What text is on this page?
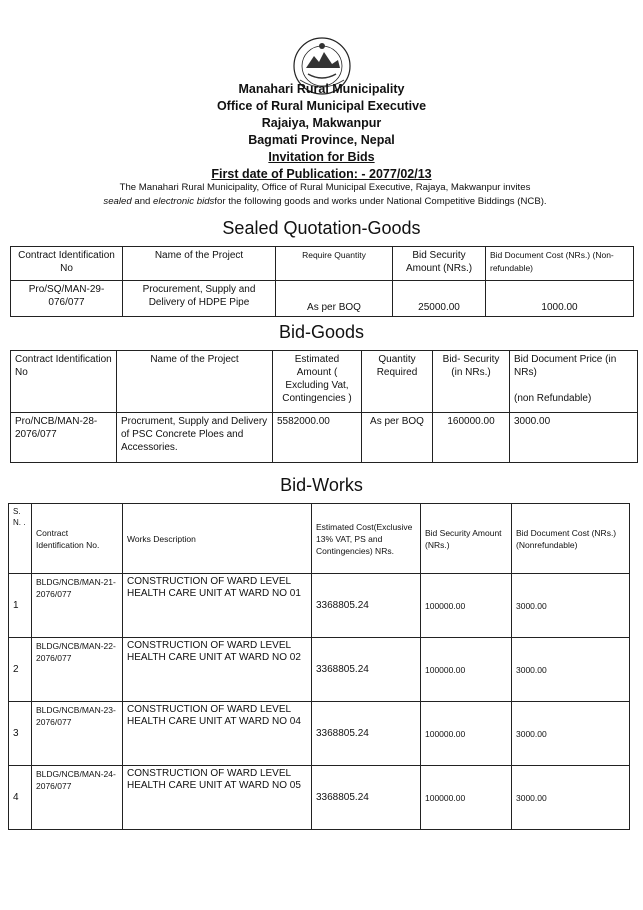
Manahari Rural Municipality
Office of Rural Municipal Executive
Rajaiya, Makwanpur
Bagmati Province, Nepal
Invitation for Bids
First date of Publication: - 2077/02/13
The Manahari Rural Municipality, Office of Rural Municipal Executive, Rajaya, Makwanpur invites
sealed and electronic bidsfor the following goods and works under National Competitive Biddings (NCB).
Sealed Quotation-Goods
Contract Identification No	Name of the Project	Require Quantity	Bid Security Amount (NRs.)	Bid Document Cost (NRs.) (Non-refundable)
Pro/SQ/MAN-29-076/077	Procurement, Supply and Delivery of HDPE Pipe	As per BOQ	25000.00	1000.00
Bid-Goods
Contract Identification No	Name of the Project	Estimated Amount ( Excluding Vat, Contingencies )	Quantity Required	Bid- Security (in NRs.)	Bid Document Price (in NRs)

(non Refundable)
Pro/NCB/MAN-28-2076/077	Procrument, Supply and Delivery of PSC Concrete Ploes and Accessories.	5582000.00	As per BOQ	160000.00	3000.00
Bid-Works
S. N. .	Contract Identification No.	Works Description	Estimated Cost(Exclusive 13% VAT, PS and Contingencies) NRs.	Bid Security Amount (NRs.)	Bid Document Cost (NRs.)(Nonrefundable)
1	BLDG/NCB/MAN-21-2076/077	CONSTRUCTION OF WARD LEVEL HEALTH CARE UNIT AT WARD NO 01	3368805.24	100000.00	3000.00
2	BLDG/NCB/MAN-22-2076/077	CONSTRUCTION OF WARD LEVEL HEALTH CARE UNIT AT WARD NO 02	3368805.24	100000.00	3000.00
3	BLDG/NCB/MAN-23-2076/077	CONSTRUCTION OF WARD LEVEL HEALTH CARE UNIT AT WARD NO 04	3368805.24	100000.00	3000.00
4	BLDG/NCB/MAN-24-2076/077	CONSTRUCTION OF WARD LEVEL HEALTH CARE UNIT AT WARD NO 05	3368805.24	100000.00	3000.00
